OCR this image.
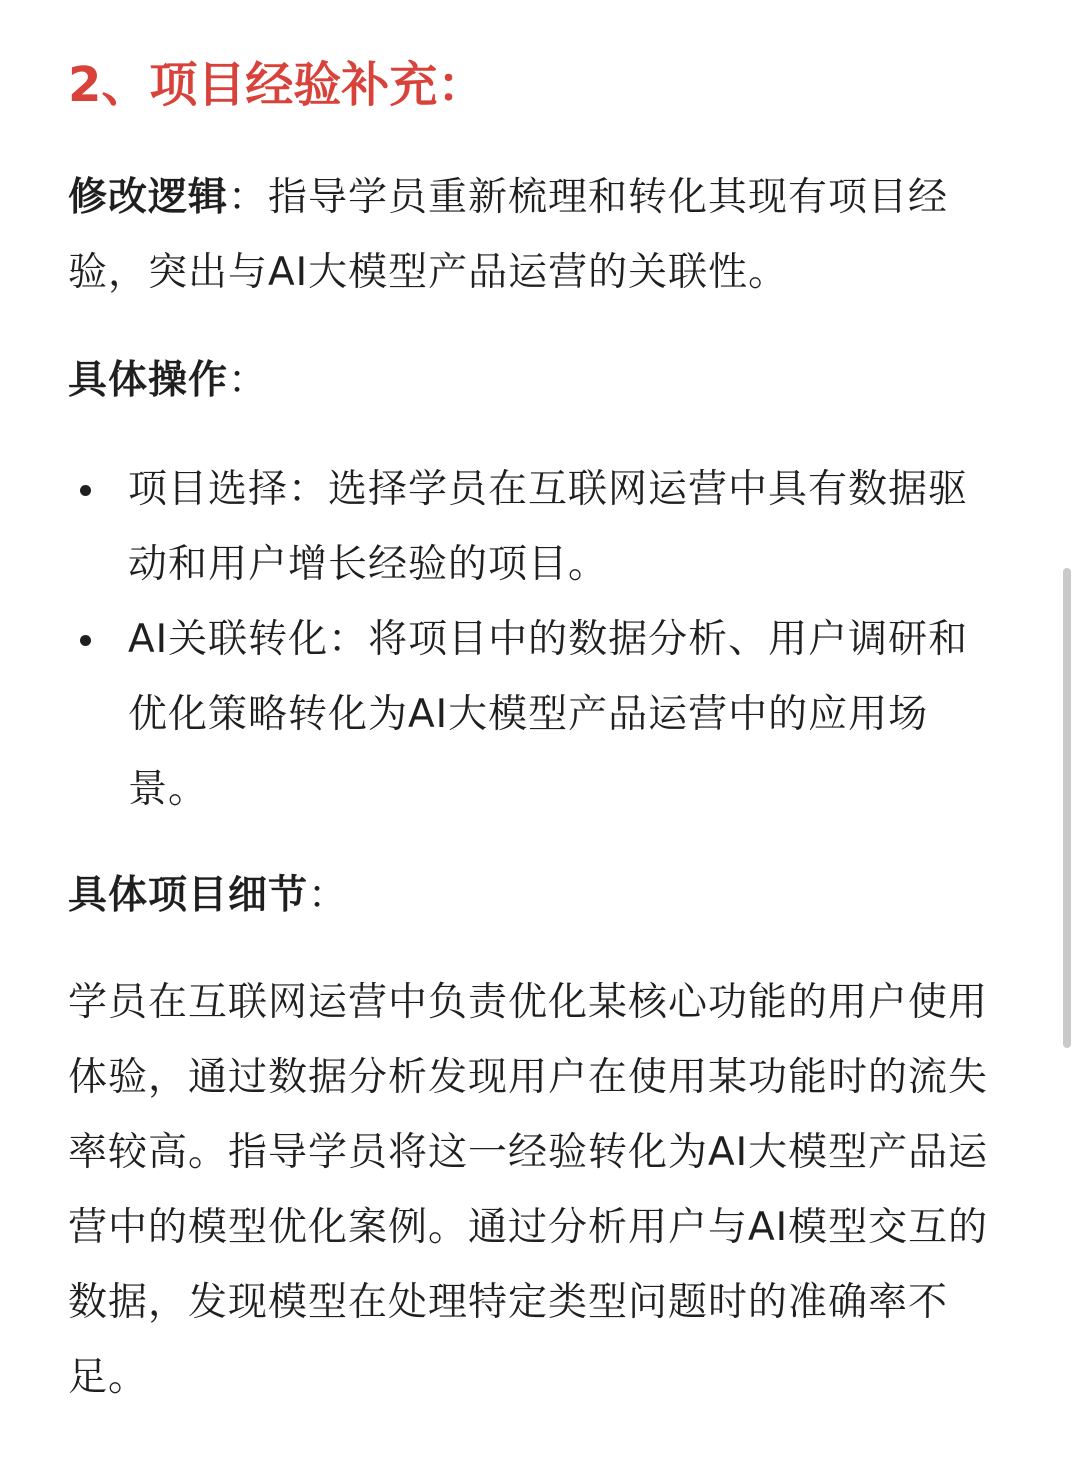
2、项目经验补充：
修改逻辑：指导学员重新梳理和转化其现有项目经验，突出与AI大模型产品运营的关联性。
具体操作：
项目选择：选择学员在互联网运营中具有数据驱动和用户增长经验的项目。
AI关联转化：将项目中的数据分析、用户调研和优化策略转化为AI大模型产品运营中的应用场景。
具体项目细节：
学员在互联网运营中负责优化某核心功能的用户使用体验，通过数据分析发现用户在使用某功能时的流失率较高。指导学员将这一经验转化为AI大模型产品运营中的模型优化案例。通过分析用户与AI模型交互的数据，发现模型在处理特定类型问题时的准确率不足。
